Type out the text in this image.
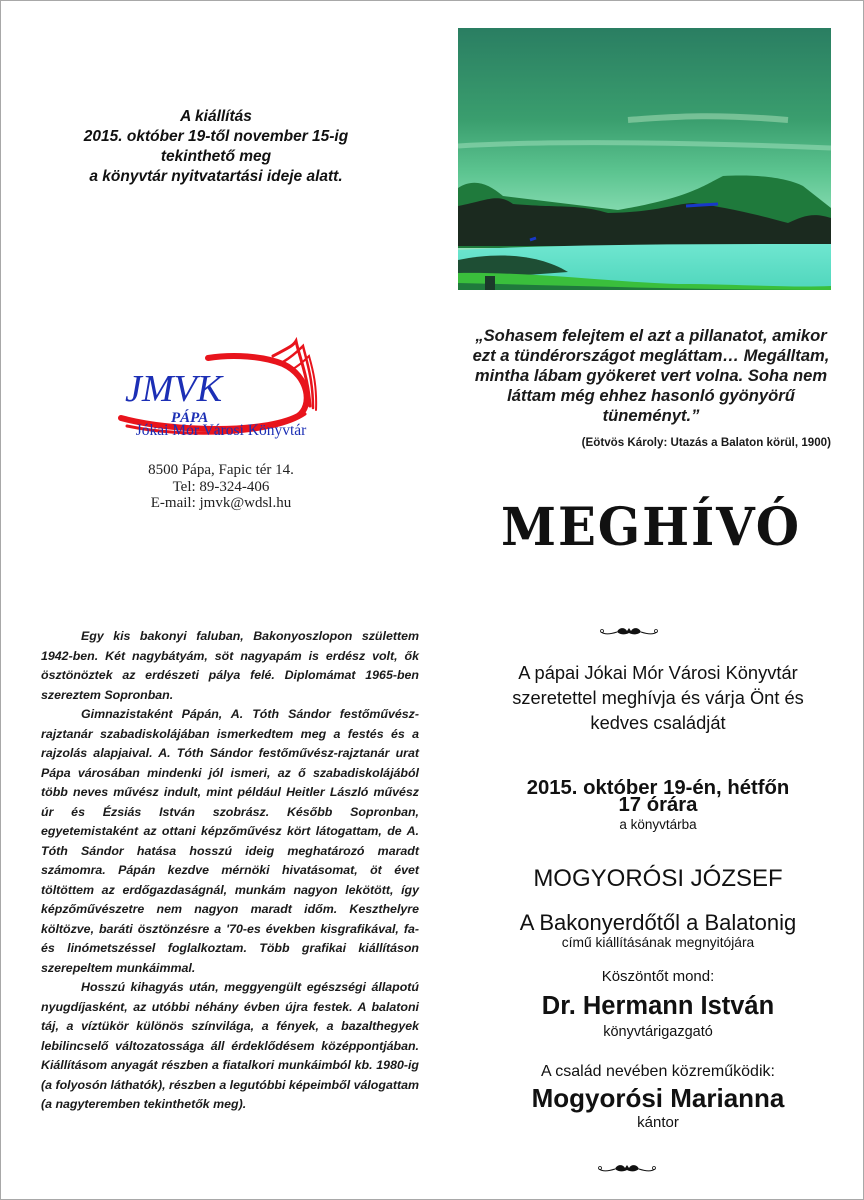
A kiállítás
2015. október 19-től november 15-ig
tekinthető meg
a könyvtár nyitvatartási ideje alatt.
JMVK
PÁPA
Jókai Mór Városi Könyvtár
8500 Pápa, Fapic tér 14.
Tel: 89-324-406
E-mail: jmvk@wdsl.hu
„Sohasem felejtem el azt a pillanatot, amikor
ezt a tündérországot megláttam… Megálltam,
mintha lábam gyökeret vert volna. Soha nem
láttam még ehhez hasonló gyönyörű
tüneményt.”
(Eötvös Károly: Utazás a Balaton körül, 1900)
MEGHÍVÓ
A pápai Jókai Mór Városi Könyvtár
szeretettel meghívja és várja Önt és
kedves családját
2015. október 19-én, hétfőn
17 órára
a könyvtárba
MOGYORÓSI JÓZSEF
A Bakonyerdőtől a Balatonig
című kiállításának megnyitójára
Köszöntőt mond:
Dr. Hermann István
könyvtárigazgató
A család nevében közreműködik:
Mogyorósi Marianna
kántor

Egy kis bakonyi faluban, Bakonyoszlopon születtem 1942-ben. Két nagybátyám, söt nagyapám is erdész volt, ők ösztönöztek az erdészeti pálya felé. Diplomámat 1965-ben szereztem Sopronban.

Gimnazistaként Pápán, A. Tóth Sándor festőművész-rajztanár szabadiskolájában ismerkedtem meg a festés és a rajzolás alapjaival. A. Tóth Sándor festőművész-rajztanár urat Pápa városában mindenki jól ismeri, az ő szabadiskolájából több neves művész indult, mint például Heitler László művész úr és Ézsiás István szobrász. Később Sopronban, egyetemistaként az ottani képzőművész kört látogattam, de A. Tóth Sándor hatása hosszú ideig meghatározó maradt számomra. Pápán kezdve mérnöki hivatásomat, öt évet töltöttem az erdőgazdaságnál, munkám nagyon lekötött, így képzőművészetre nem nagyon maradt időm. Keszthelyre költözve, baráti ösztönzésre a '70-es években kisgrafikával, fa- és linómetszéssel foglalkoztam. Több grafikai kiállításon szerepeltem munkáimmal.

Hosszú kihagyás után, meggyengült egészségi állapotú nyugdíjasként, az utóbbi néhány évben újra festek. A balatoni táj, a víztükör különös színvilága, a fények, a bazalthegyek lebilincselő változatossága áll érdeklődésem középpontjában. Kiállításom anyagát részben a fiatalkori munkáimból kb. 1980-ig (a folyosón láthatók), részben a legutóbbi képeimből válogattam (a nagyteremben tekinthetők meg).
